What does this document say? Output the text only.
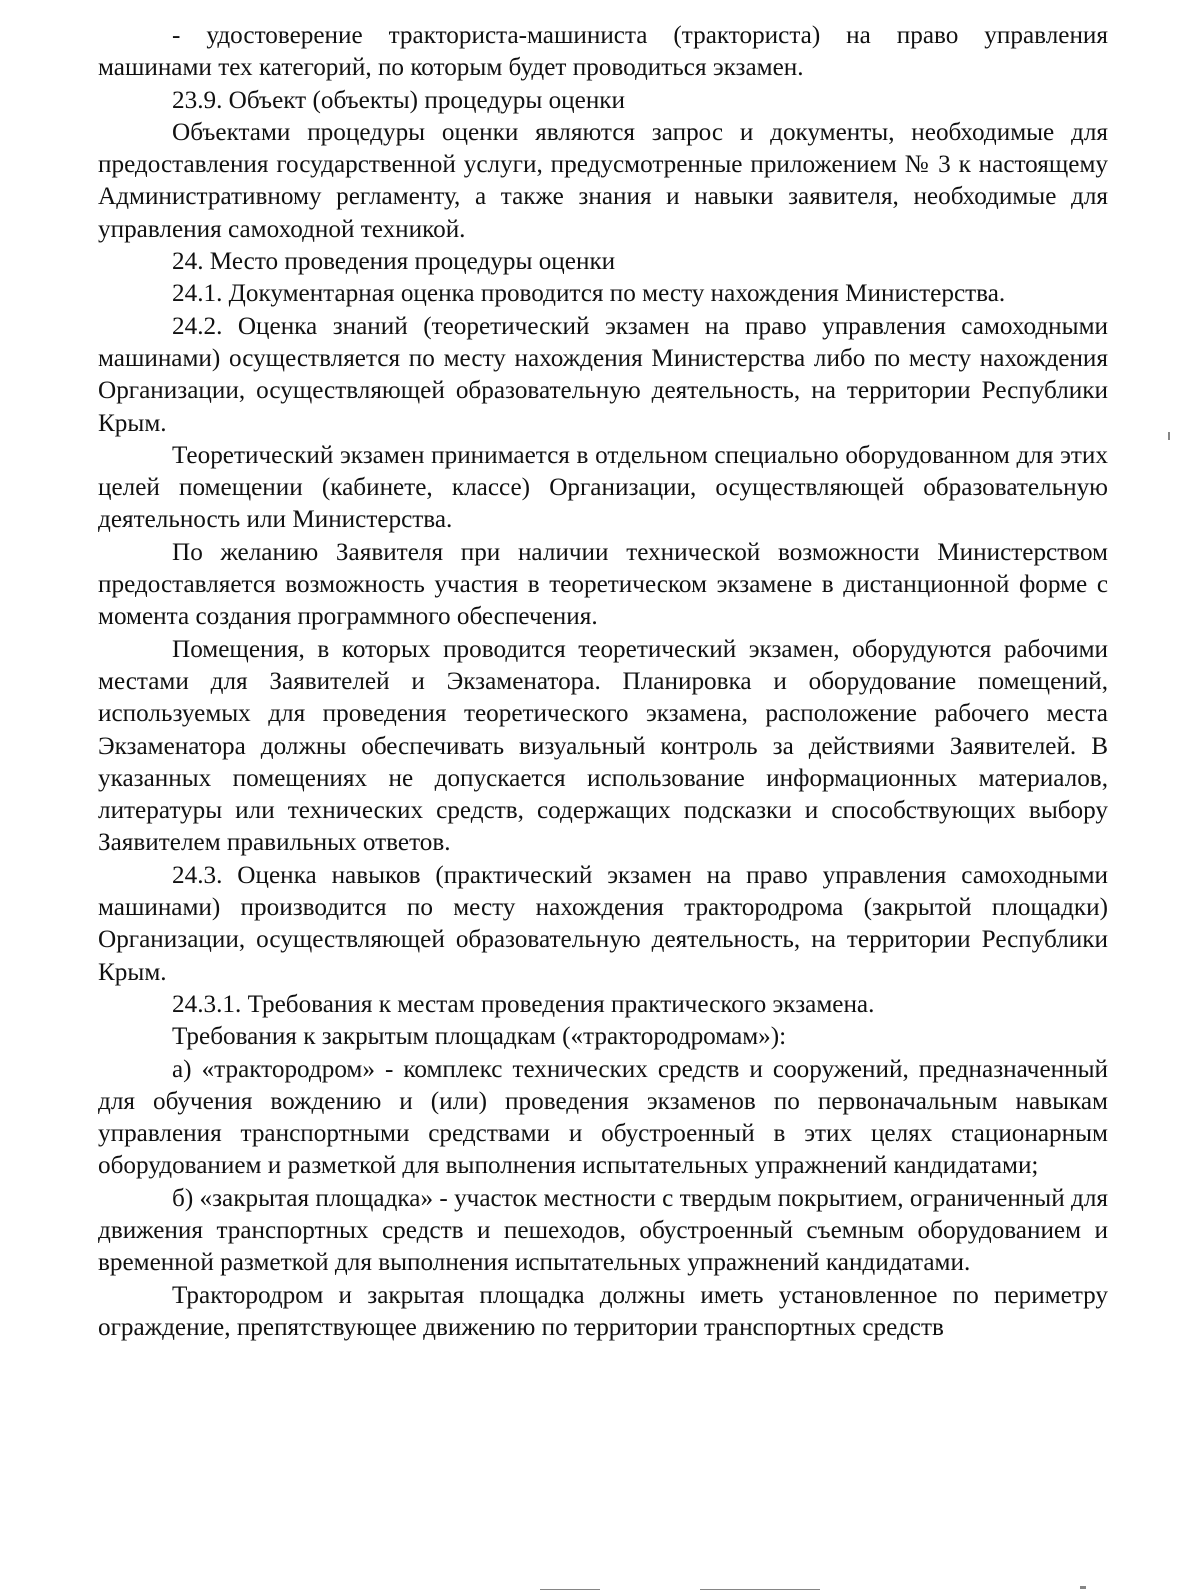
- удостоверение тракториста-машиниста (тракториста) на право управления машинами тех категорий, по которым будет проводиться экзамен.

23.9. Объект (объекты) процедуры оценки

Объектами процедуры оценки являются запрос и документы, необходимые для предоставления государственной услуги, предусмотренные приложением № 3 к настоящему Административному регламенту, а также знания и навыки заявителя, необходимые для управления самоходной техникой.

24. Место проведения процедуры оценки

24.1. Документарная оценка проводится по месту нахождения Министерства.

24.2. Оценка знаний (теоретический экзамен на право управления самоходными машинами) осуществляется по месту нахождения Министерства либо по месту нахождения Организации, осуществляющей образовательную деятельность, на территории Республики Крым.

Теоретический экзамен принимается в отдельном специально оборудованном для этих целей помещении (кабинете, классе) Организации, осуществляющей образовательную деятельность или Министерства.

По желанию Заявителя при наличии технической возможности Министерством предоставляется возможность участия в теоретическом экзамене в дистанционной форме с момента создания программного обеспечения.

Помещения, в которых проводится теоретический экзамен, оборудуются рабочими местами для Заявителей и Экзаменатора. Планировка и оборудование помещений, используемых для проведения теоретического экзамена, расположение рабочего места Экзаменатора должны обеспечивать визуальный контроль за действиями Заявителей. В указанных помещениях не допускается использование информационных материалов, литературы или технических средств, содержащих подсказки и способствующих выбору Заявителем правильных ответов.

24.3. Оценка навыков (практический экзамен на право управления самоходными машинами) производится по месту нахождения трактородрома (закрытой площадки) Организации, осуществляющей образовательную деятельность, на территории Республики Крым.

24.3.1. Требования к местам проведения практического экзамена.

Требования к закрытым площадкам («трактородромам»):

а) «трактородром» - комплекс технических средств и сооружений, предназначенный для обучения вождению и (или) проведения экзаменов по первоначальным навыкам управления транспортными средствами и обустроенный в этих целях стационарным оборудованием и разметкой для выполнения испытательных упражнений кандидатами;

б) «закрытая площадка» - участок местности с твердым покрытием, ограниченный для движения транспортных средств и пешеходов, обустроенный съемным оборудованием и временной разметкой для выполнения испытательных упражнений кандидатами.

Трактородром и закрытая площадка должны иметь установленное по периметру ограждение, препятствующее движению по территории транспортных средств
